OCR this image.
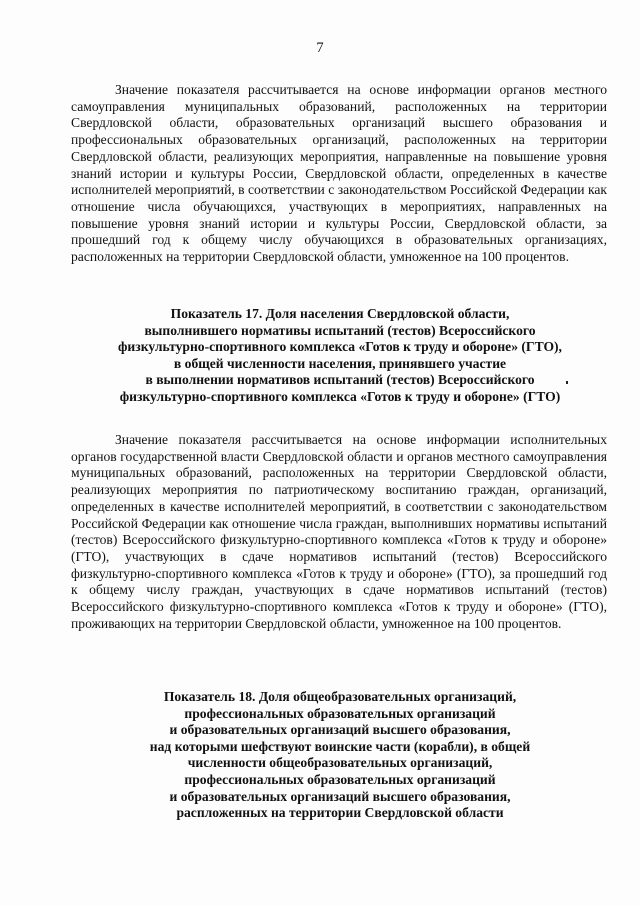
7

Значение показателя рассчитывается на основе информации органов местного самоуправления муниципальных образований, расположенных на территории Свердловской области, образовательных организаций высшего образования и профессиональных образовательных организаций, расположенных на территории Свердловской области, реализующих мероприятия, направленные на повышение уровня знаний истории и культуры России, Свердловской области, определенных в качестве исполнителей мероприятий, в соответствии с законодательством Российской Федерации как отношение числа обучающихся, участвующих в мероприятиях, направленных на повышение уровня знаний истории и культуры России, Свердловской области, за прошедший год к общему числу обучающихся в образовательных организациях, расположенных на территории Свердловской области, умноженное на 100 процентов.

Показатель 17. Доля населения Свердловской области,
выполнившего нормативы испытаний (тестов) Всероссийского
физкультурно-спортивного комплекса «Готов к труду и обороне» (ГТО),
в общей численности населения, принявшего участие
в выполнении нормативов испытаний (тестов) Всероссийского
физкультурно-спортивного комплекса «Готов к труду и обороне» (ГТО)

Значение показателя рассчитывается на основе информации исполнительных органов государственной власти Свердловской области и органов местного самоуправления муниципальных образований, расположенных на территории Свердловской области, реализующих мероприятия по патриотическому воспитанию граждан, организаций, определенных в качестве исполнителей мероприятий, в соответствии с законодательством Российской Федерации как отношение числа граждан, выполнивших нормативы испытаний (тестов) Всероссийского физкультурно-спортивного комплекса «Готов к труду и обороне» (ГТО), участвующих в сдаче нормативов испытаний (тестов) Всероссийского физкультурно-спортивного комплекса «Готов к труду и обороне» (ГТО), за прошедший год к общему числу граждан, участвующих в сдаче нормативов испытаний (тестов) Всероссийского физкультурно-спортивного комплекса «Готов к труду и обороне» (ГТО), проживающих на территории Свердловской области, умноженное на 100 процентов.

Показатель 18. Доля общеобразовательных организаций,
профессиональных образовательных организаций
и образовательных организаций высшего образования,
над которыми шефствуют воинские части (корабли), в общей
численности общеобразовательных организаций,
профессиональных образовательных организаций
и образовательных организаций высшего образования,
распложенных на территории Свердловской области
